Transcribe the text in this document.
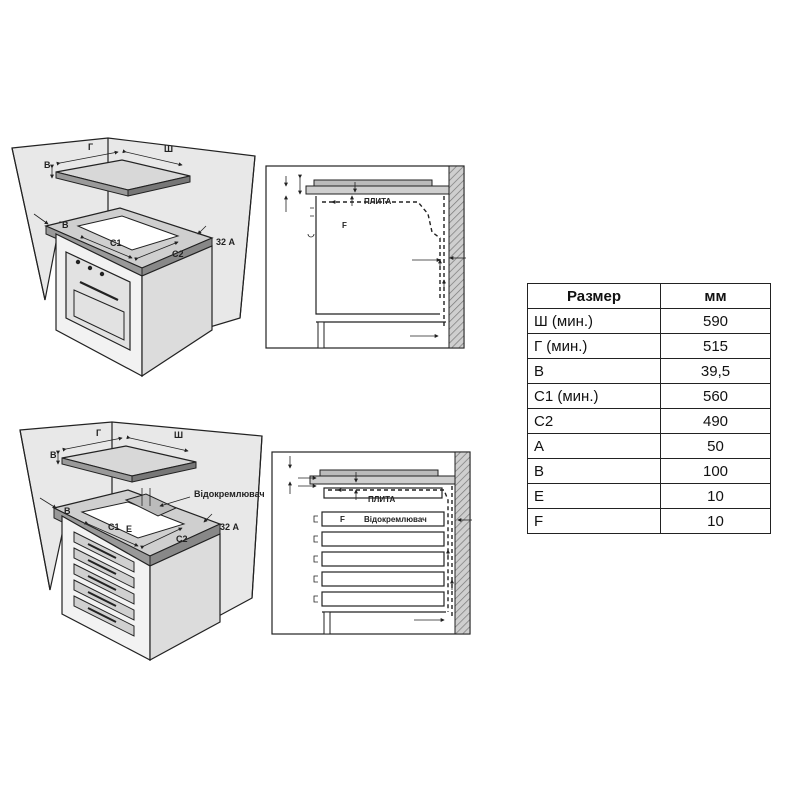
Г	Ш
В
В
С1
С2
32 А
ПЛИТА
F
Г	Ш
В
В
С1 Е
С2
32 А
Відокремлювач
ПЛИТА
F Відокремлювач
Размер	мм
Ш (мин.)	590
Г (мин.)	515
В	39,5
С1 (мин.)	560
С2	490
А	50
В	100
Е	10
F	10
